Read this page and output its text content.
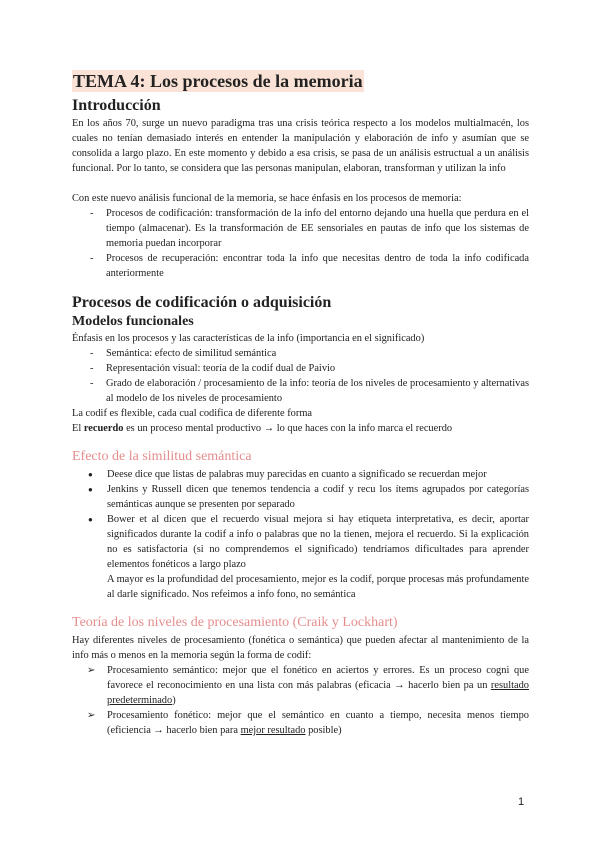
TEMA 4: Los procesos de la memoria
Introducción

En los años 70, surge un nuevo paradigma tras una crisis teórica respecto a los modelos multialmacén, los cuales no tenían demasiado interés en entender la manipulación y elaboración de info y asumían que se consolida a largo plazo. En este momento y debido a esa crisis, se pasa de un análisis estructual a un análisis funcional. Por lo tanto, se considera que las personas manipulan, elaboran, transforman y utilizan la info

Con este nuevo análisis funcional de la memoria, se hace énfasis en los procesos de memoria:

- Procesos de codificación: transformación de la info del entorno dejando una huella que perdura en el tiempo (almacenar). Es la transformación de EE sensoriales en pautas de info que los sistemas de memoria puedan incorporar
- Procesos de recuperación: encontrar toda la info que necesitas dentro de toda la info codificada anteriormente
Procesos de codificación o adquisición
Modelos funcionales

Énfasis en los procesos y las características de la info (importancia en el significado)

- Semántica: efecto de similitud semántica
- Representación visual: teoría de la codif dual de Paivio
- Grado de elaboración / procesamiento de la info: teoría de los niveles de procesamiento y alternativas al modelo de los niveles de procesamiento

La codif es flexible, cada cual codifica de diferente forma

El recuerdo es un proceso mental productivo → lo que haces con la info marca el recuerdo

Efecto de la similitud semántica
● Deese dice que listas de palabras muy parecidas en cuanto a significado se recuerdan mejor
● Jenkins y Russell dicen que tenemos tendencia a codif y recu los ítems agrupados por categorías semánticas aunque se presenten por separado
● Bower et al dicen que el recuerdo visual mejora si hay etiqueta interpretativa, es decir, aportar significados durante la codif a info o palabras que no la tienen, mejora el recuerdo. Si la explicación no es satisfactoria (si no comprendemos el significado) tendríamos dificultades para aprender elementos fonéticos a largo plazo
A mayor es la profundidad del procesamiento, mejor es la codif, porque procesas más profundamente al darle significado. Nos refeimos a info fono, no semántica
Teoría de los niveles de procesamiento (Craik y Lockhart)

Hay diferentes niveles de procesamiento (fonética o semántica) que pueden afectar al mantenimiento de la info más o menos en la memoria según la forma de codif:

➢ Procesamiento semántico: mejor que el fonético en aciertos y errores. Es un proceso cogni que favorece el reconocimiento en una lista con más palabras (eficacia → hacerlo bien pa un resultado predeterminado)
➢ Procesamiento fonético: mejor que el semántico en cuanto a tiempo, necesita menos tiempo (eficiencia → hacerlo bien para mejor resultado posible)
1
